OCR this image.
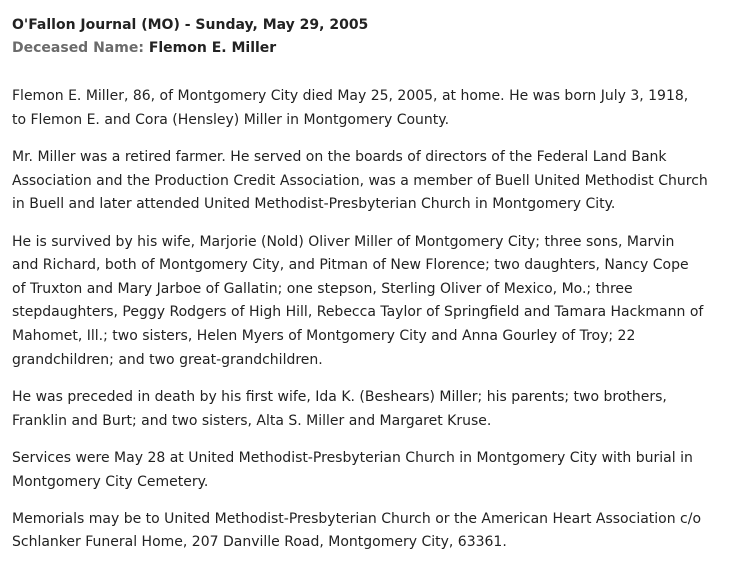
O'Fallon Journal (MO) - Sunday, May 29, 2005
Deceased Name: Flemon E. Miller

Flemon E. Miller, 86, of Montgomery City died May 25, 2005, at home. He was born July 3, 1918,
to Flemon E. and Cora (Hensley) Miller in Montgomery County.

Mr. Miller was a retired farmer. He served on the boards of directors of the Federal Land Bank
Association and the Production Credit Association, was a member of Buell United Methodist Church
in Buell and later attended United Methodist-Presbyterian Church in Montgomery City.

He is survived by his wife, Marjorie (Nold) Oliver Miller of Montgomery City; three sons, Marvin
and Richard, both of Montgomery City, and Pitman of New Florence; two daughters, Nancy Cope
of Truxton and Mary Jarboe of Gallatin; one stepson, Sterling Oliver of Mexico, Mo.; three
stepdaughters, Peggy Rodgers of High Hill, Rebecca Taylor of Springfield and Tamara Hackmann of
Mahomet, Ill.; two sisters, Helen Myers of Montgomery City and Anna Gourley of Troy; 22
grandchildren; and two great-grandchildren.

He was preceded in death by his first wife, Ida K. (Beshears) Miller; his parents; two brothers,
Franklin and Burt; and two sisters, Alta S. Miller and Margaret Kruse.

Services were May 28 at United Methodist-Presbyterian Church in Montgomery City with burial in
Montgomery City Cemetery.

Memorials may be to United Methodist-Presbyterian Church or the American Heart Association c/o
Schlanker Funeral Home, 207 Danville Road, Montgomery City, 63361.
